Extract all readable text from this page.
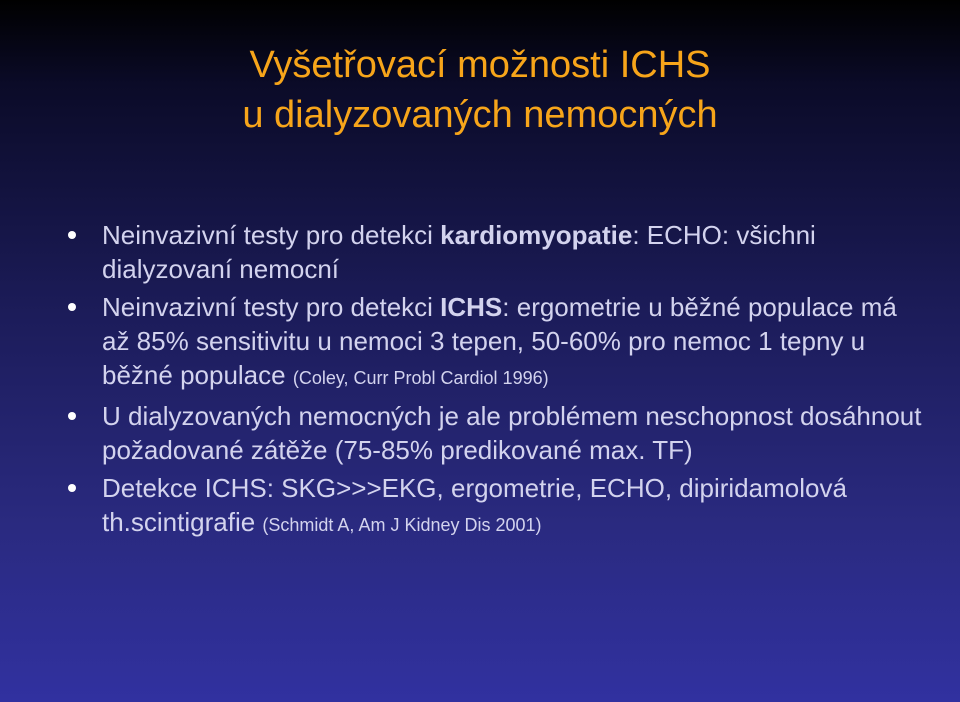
Vyšetřovací možnosti ICHS
u dialyzovaných nemocných
Neinvazivní testy pro detekci kardiomyopatie: ECHO: všichni dialyzovaní nemocní
Neinvazivní testy pro detekci ICHS: ergometrie u běžné populace má až 85% sensitivitu u nemoci 3 tepen, 50-60% pro nemoc 1 tepny u běžné populace (Coley, Curr Probl Cardiol 1996)
U dialyzovaných nemocných je ale problémem neschopnost dosáhnout požadované zátěže (75-85% predikované max. TF)
Detekce ICHS: SKG>>>EKG, ergometrie, ECHO, dipiridamolová th.scintigrafie (Schmidt A, Am J Kidney Dis 2001)
